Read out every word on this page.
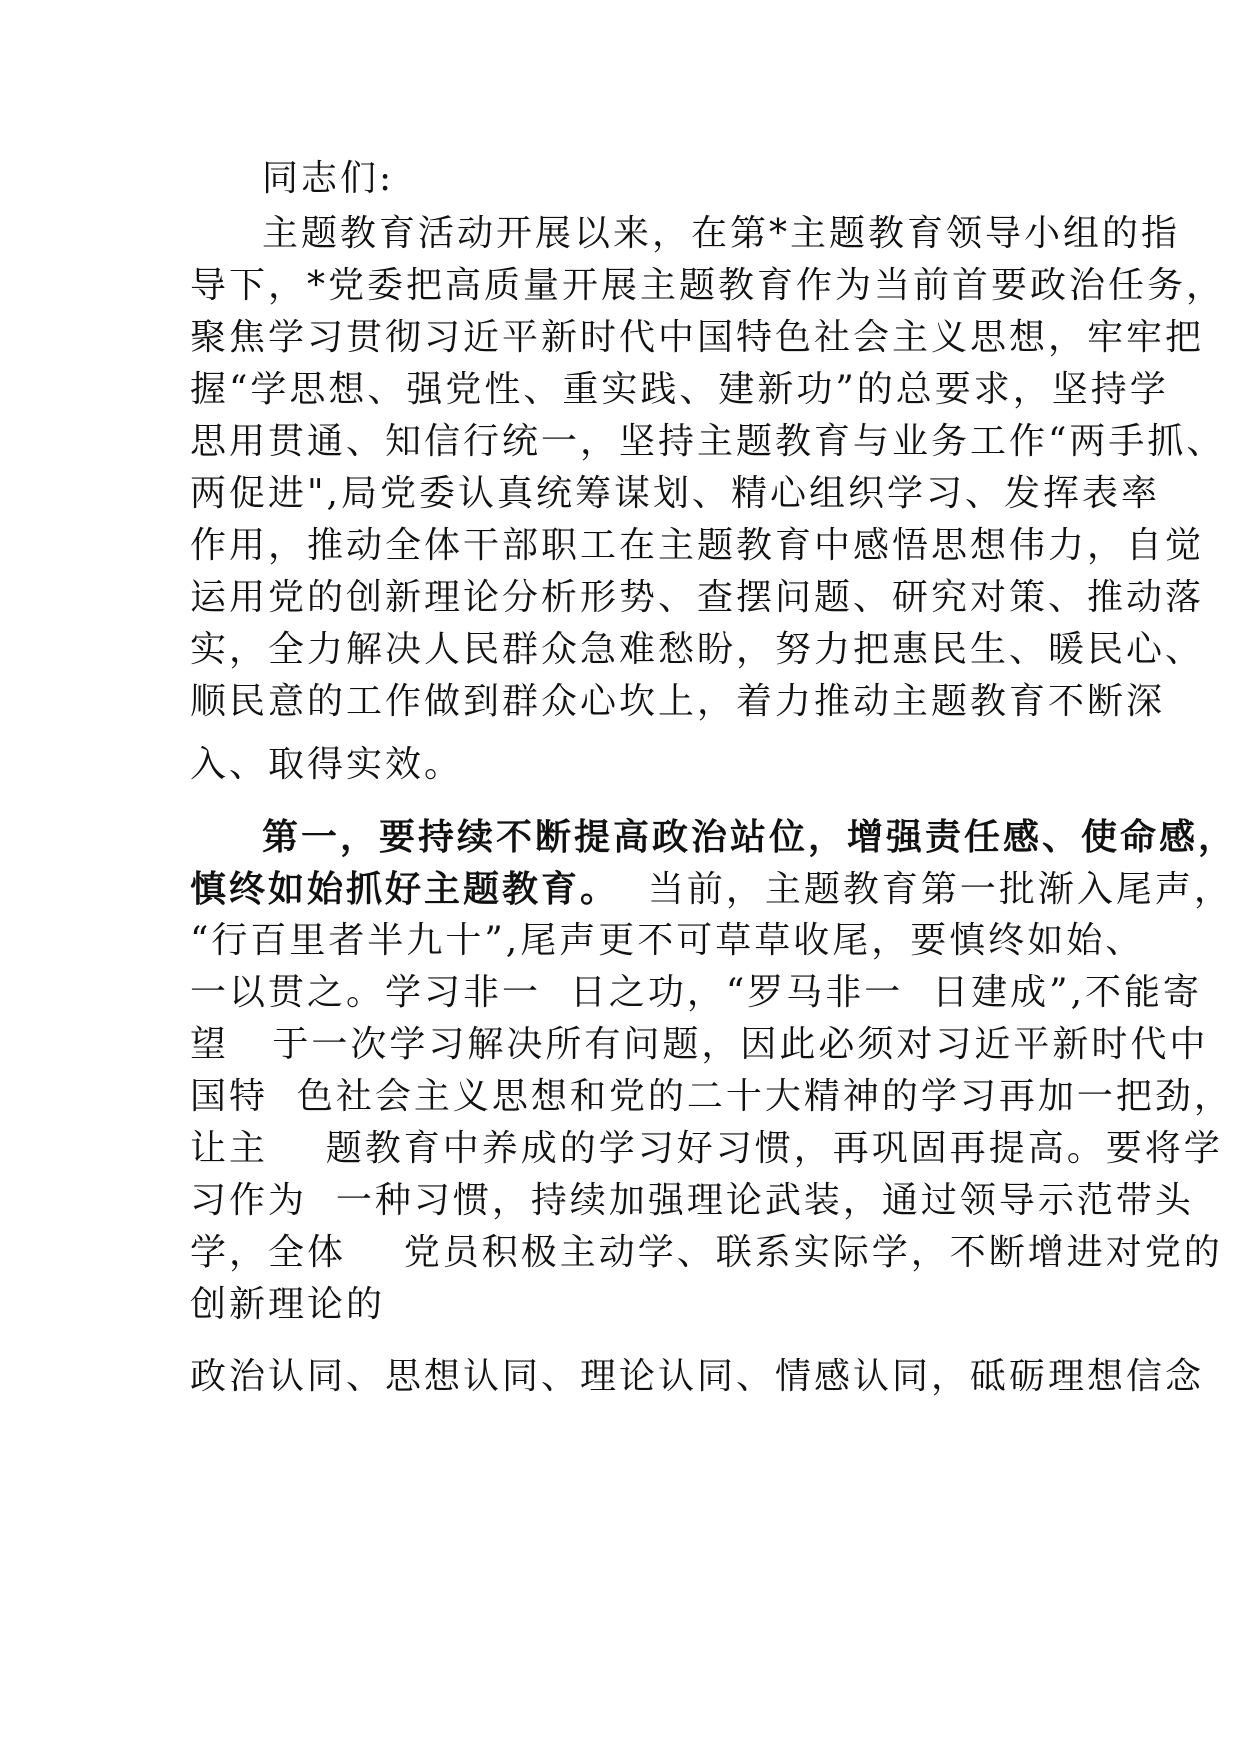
同志们:
主题教育活动开展以来，在第*主题教育领导小组的指
导下，*党委把高质量开展主题教育作为当前首要政治任务，
聚焦学习贯彻习近平新时代中国特色社会主义思想，牢牢把
握“学思想、强党性、重实践、建新功”的总要求，坚持学
思用贯通、知信行统一，坚持主题教育与业务工作“两手抓、
两促进",局党委认真统筹谋划、精心组织学习、发挥表率
作用，推动全体干部职工在主题教育中感悟思想伟力，自觉
运用党的创新理论分析形势、查摆问题、研究对策、推动落
实，全力解决人民群众急难愁盼，努力把惠民生、暖民心、
顺民意的工作做到群众心坎上，着力推动主题教育不断深
入、取得实效。
第一，要持续不断提高政治站位，增强责任感、使命感，
慎终如始抓好主题教育。  当前，主题教育第一批渐入尾声，
“行百里者半九十”,尾声更不可草草收尾，要慎终如始、
一以贯之。学习非一  日之功，“罗马非一  日建成”,不能寄
望   于一次学习解决所有问题，因此必须对习近平新时代中
国特  色社会主义思想和党的二十大精神的学习再加一把劲，
让主    题教育中养成的学习好习惯，再巩固再提高。要将学
习作为  一种习惯，持续加强理论武装，通过领导示范带头
学，全体    党员积极主动学、联系实际学，不断增进对党的
创新理论的
政治认同、思想认同、理论认同、情感认同，砥砺理想信念
